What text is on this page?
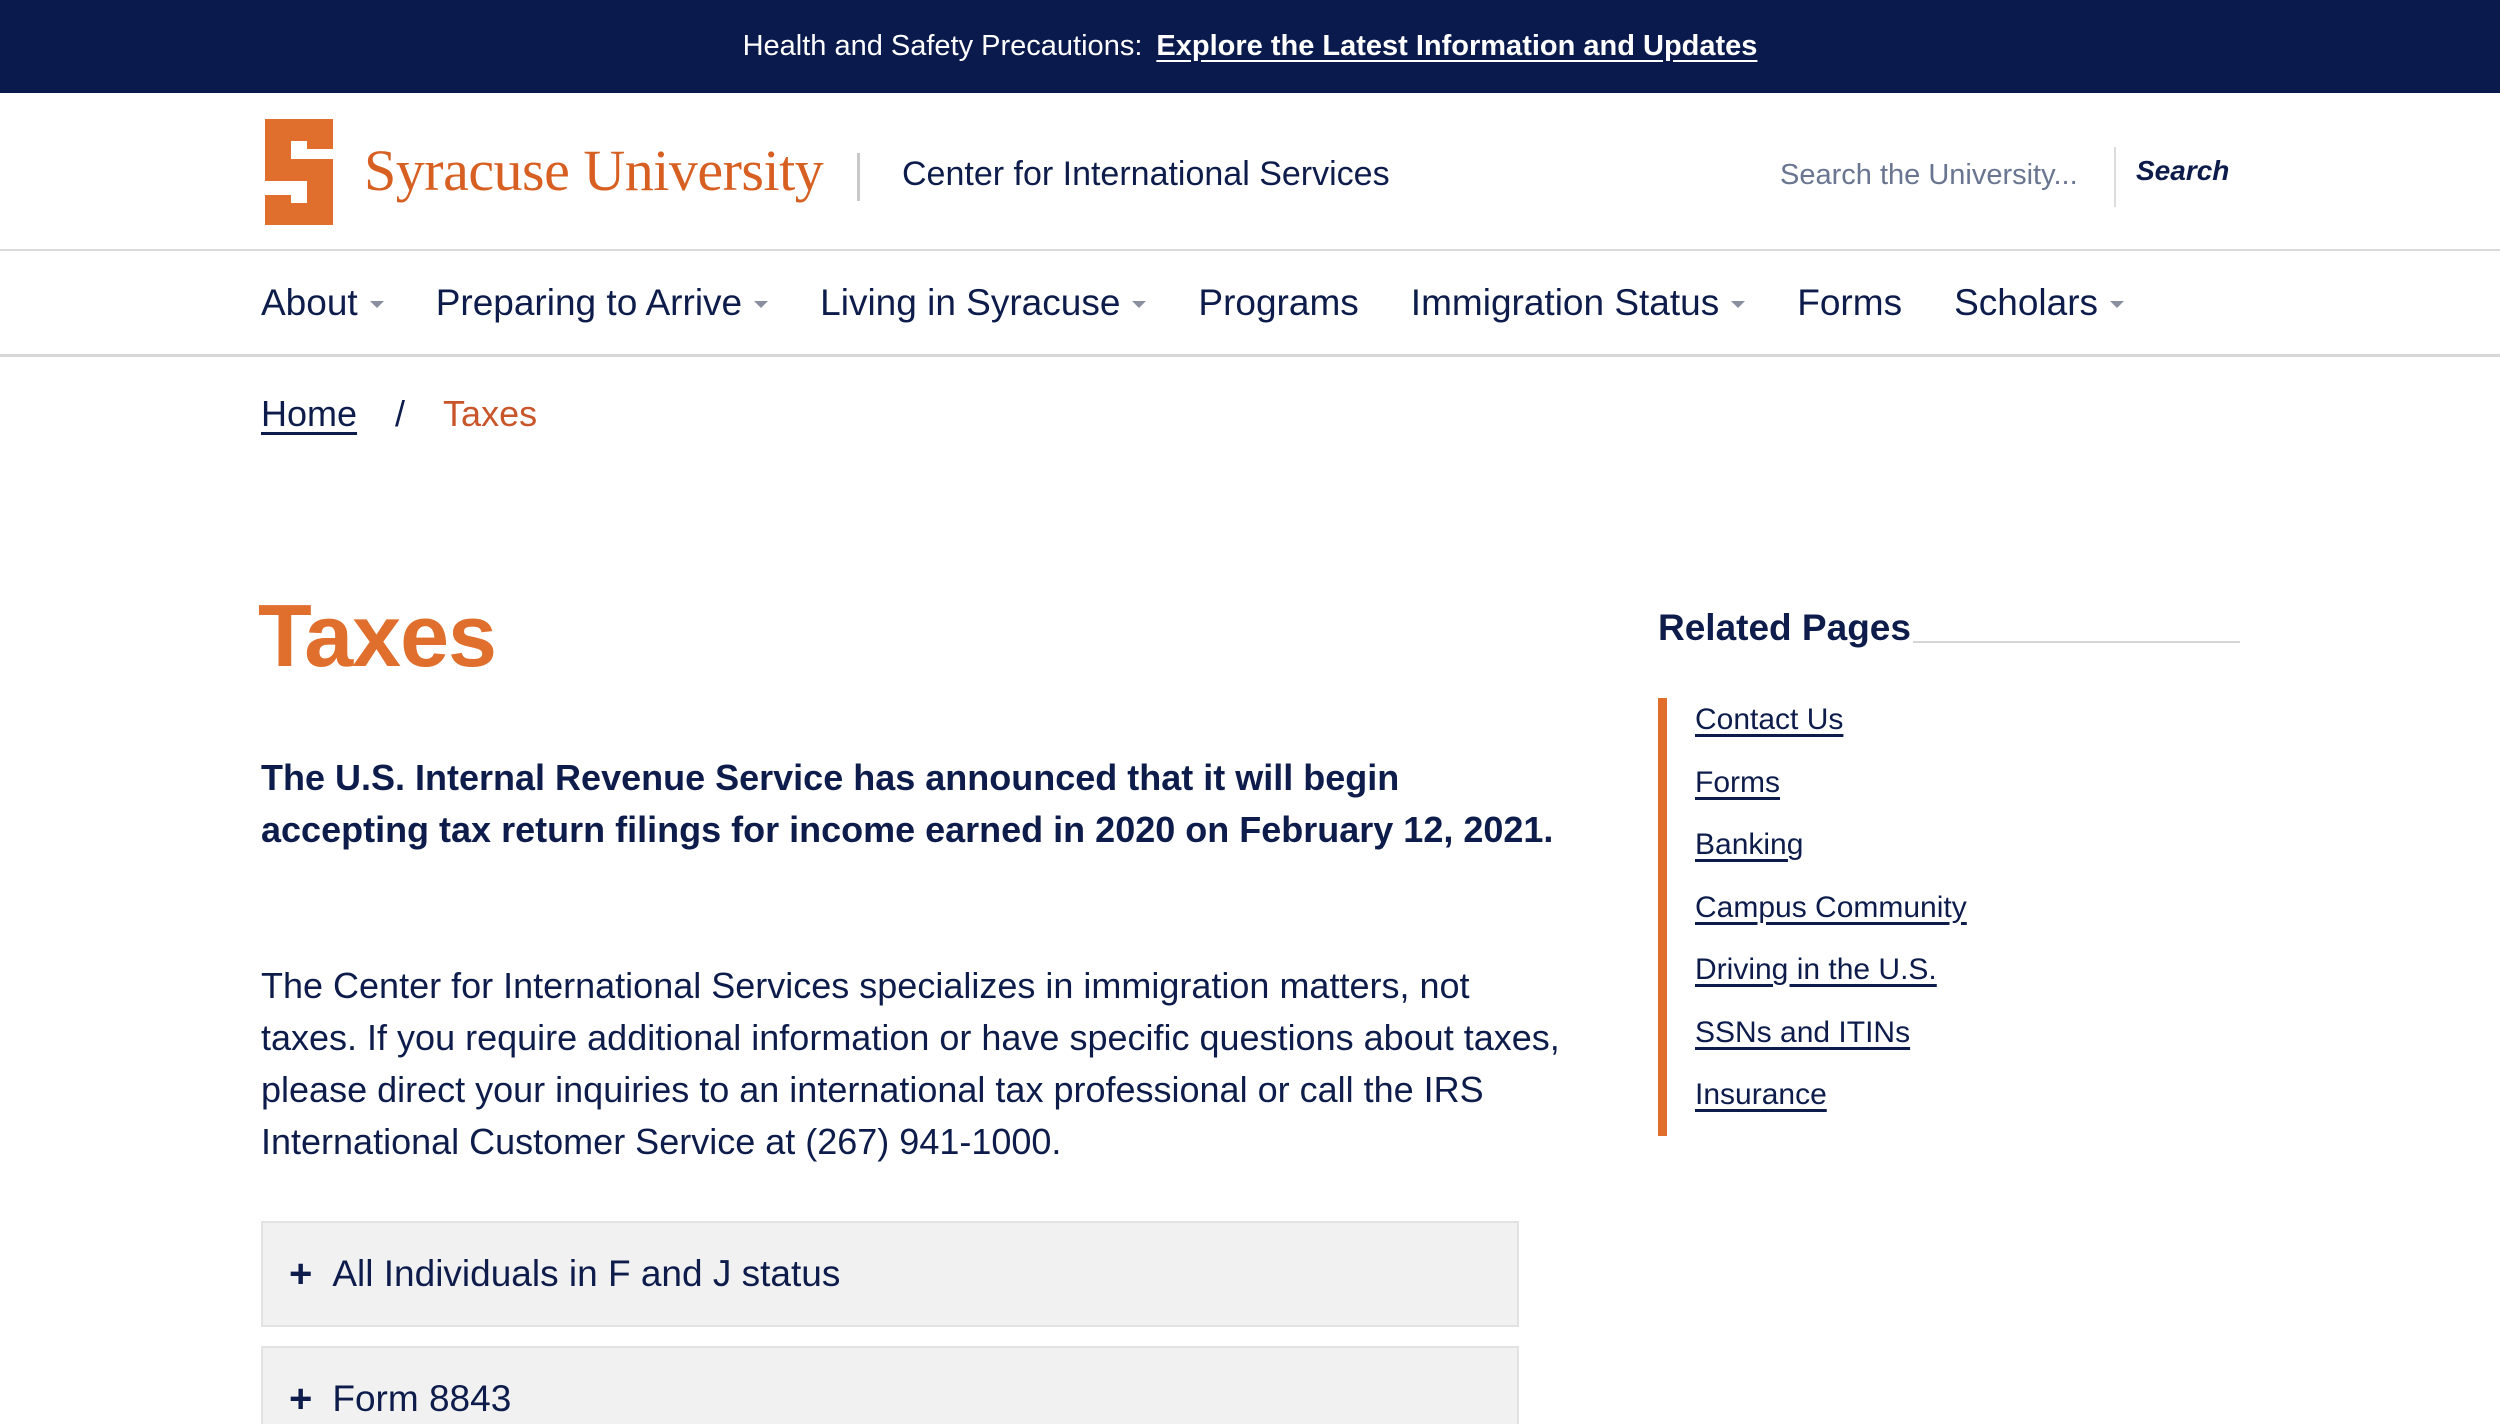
Health and Safety Precautions: Explore the Latest Information and Updates
Syracuse University Center for International Services
Search the University...	Search
About Preparing to Arrive Living in Syracuse Programs Immigration Status Forms Scholars
Home / Taxes
Taxes

The U.S. Internal Revenue Service has announced that it will begin accepting tax return filings for income earned in 2020 on February 12, 2021.

The Center for International Services specializes in immigration matters, not taxes. If you require additional information or have specific questions about taxes, please direct your inquiries to an international tax professional or call the IRS International Customer Service at (267) 941-1000.

+ All Individuals in F and J status
+ Form 8843
Related Pages
Contact Us
Forms
Banking
Campus Community
Driving in the U.S.
SSNs and ITINs
Insurance
